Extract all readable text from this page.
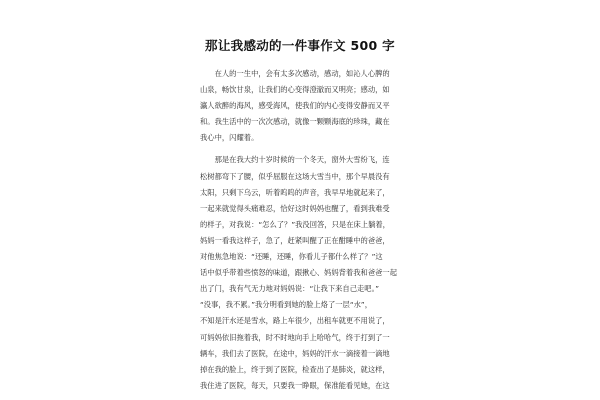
那让我感动的一件事作文 500 字
　　在人的一生中，会有太多次感动，感动，如沁人心脾的
山泉，畅饮甘泉，让我们的心变得澄澈而又明亮；感动，如
瀛人欲醉的海风，感受海风，使我们的内心变得安静而又平
和。我生活中的一次次感动，就像一颗颗海底的珍珠，藏在
我心中，闪耀着。
　　那是在我大约十岁时候的一个冬天，窗外大雪纷飞，连
松树都弯下了腰，似乎屈服在这场大雪当中，那个早晨没有
太阳，只剩下乌云，听着呜呜的声音，我早早地就起来了，
一起来就觉得头痛难忍，恰好这时妈妈也醒了，看到我难受
的样子，对我说：“怎么了？”我没回答，只是在床上躺着，
妈妈一看我这样子，急了，赶紧叫醒了正在酣睡中的爸爸，
对他焦急地说：“还睡，还睡，你看儿子都什么样了？”这
话中似乎带着些愤怒的味道，跟揪心、妈妈背着我和爸爸一起
出了门，我有气无力地对妈妈说：“让我下来自己走吧。”
“没事，我不累。”我分明看到她的脸上烙了一层“水”，
不知是汗水还是雪水，路上车很少，出租车就更不用说了，
可妈妈依旧拖着我，时不时地向手上哈哈气，终于打到了一
辆车，我们去了医院，在途中，妈妈的汗水一滴接着一滴地
掉在我的脸上，终于到了医院，检查出了是肺炎，就这样，
我住进了医院，每天，只要我一睁眼，保准能看见她，在这
